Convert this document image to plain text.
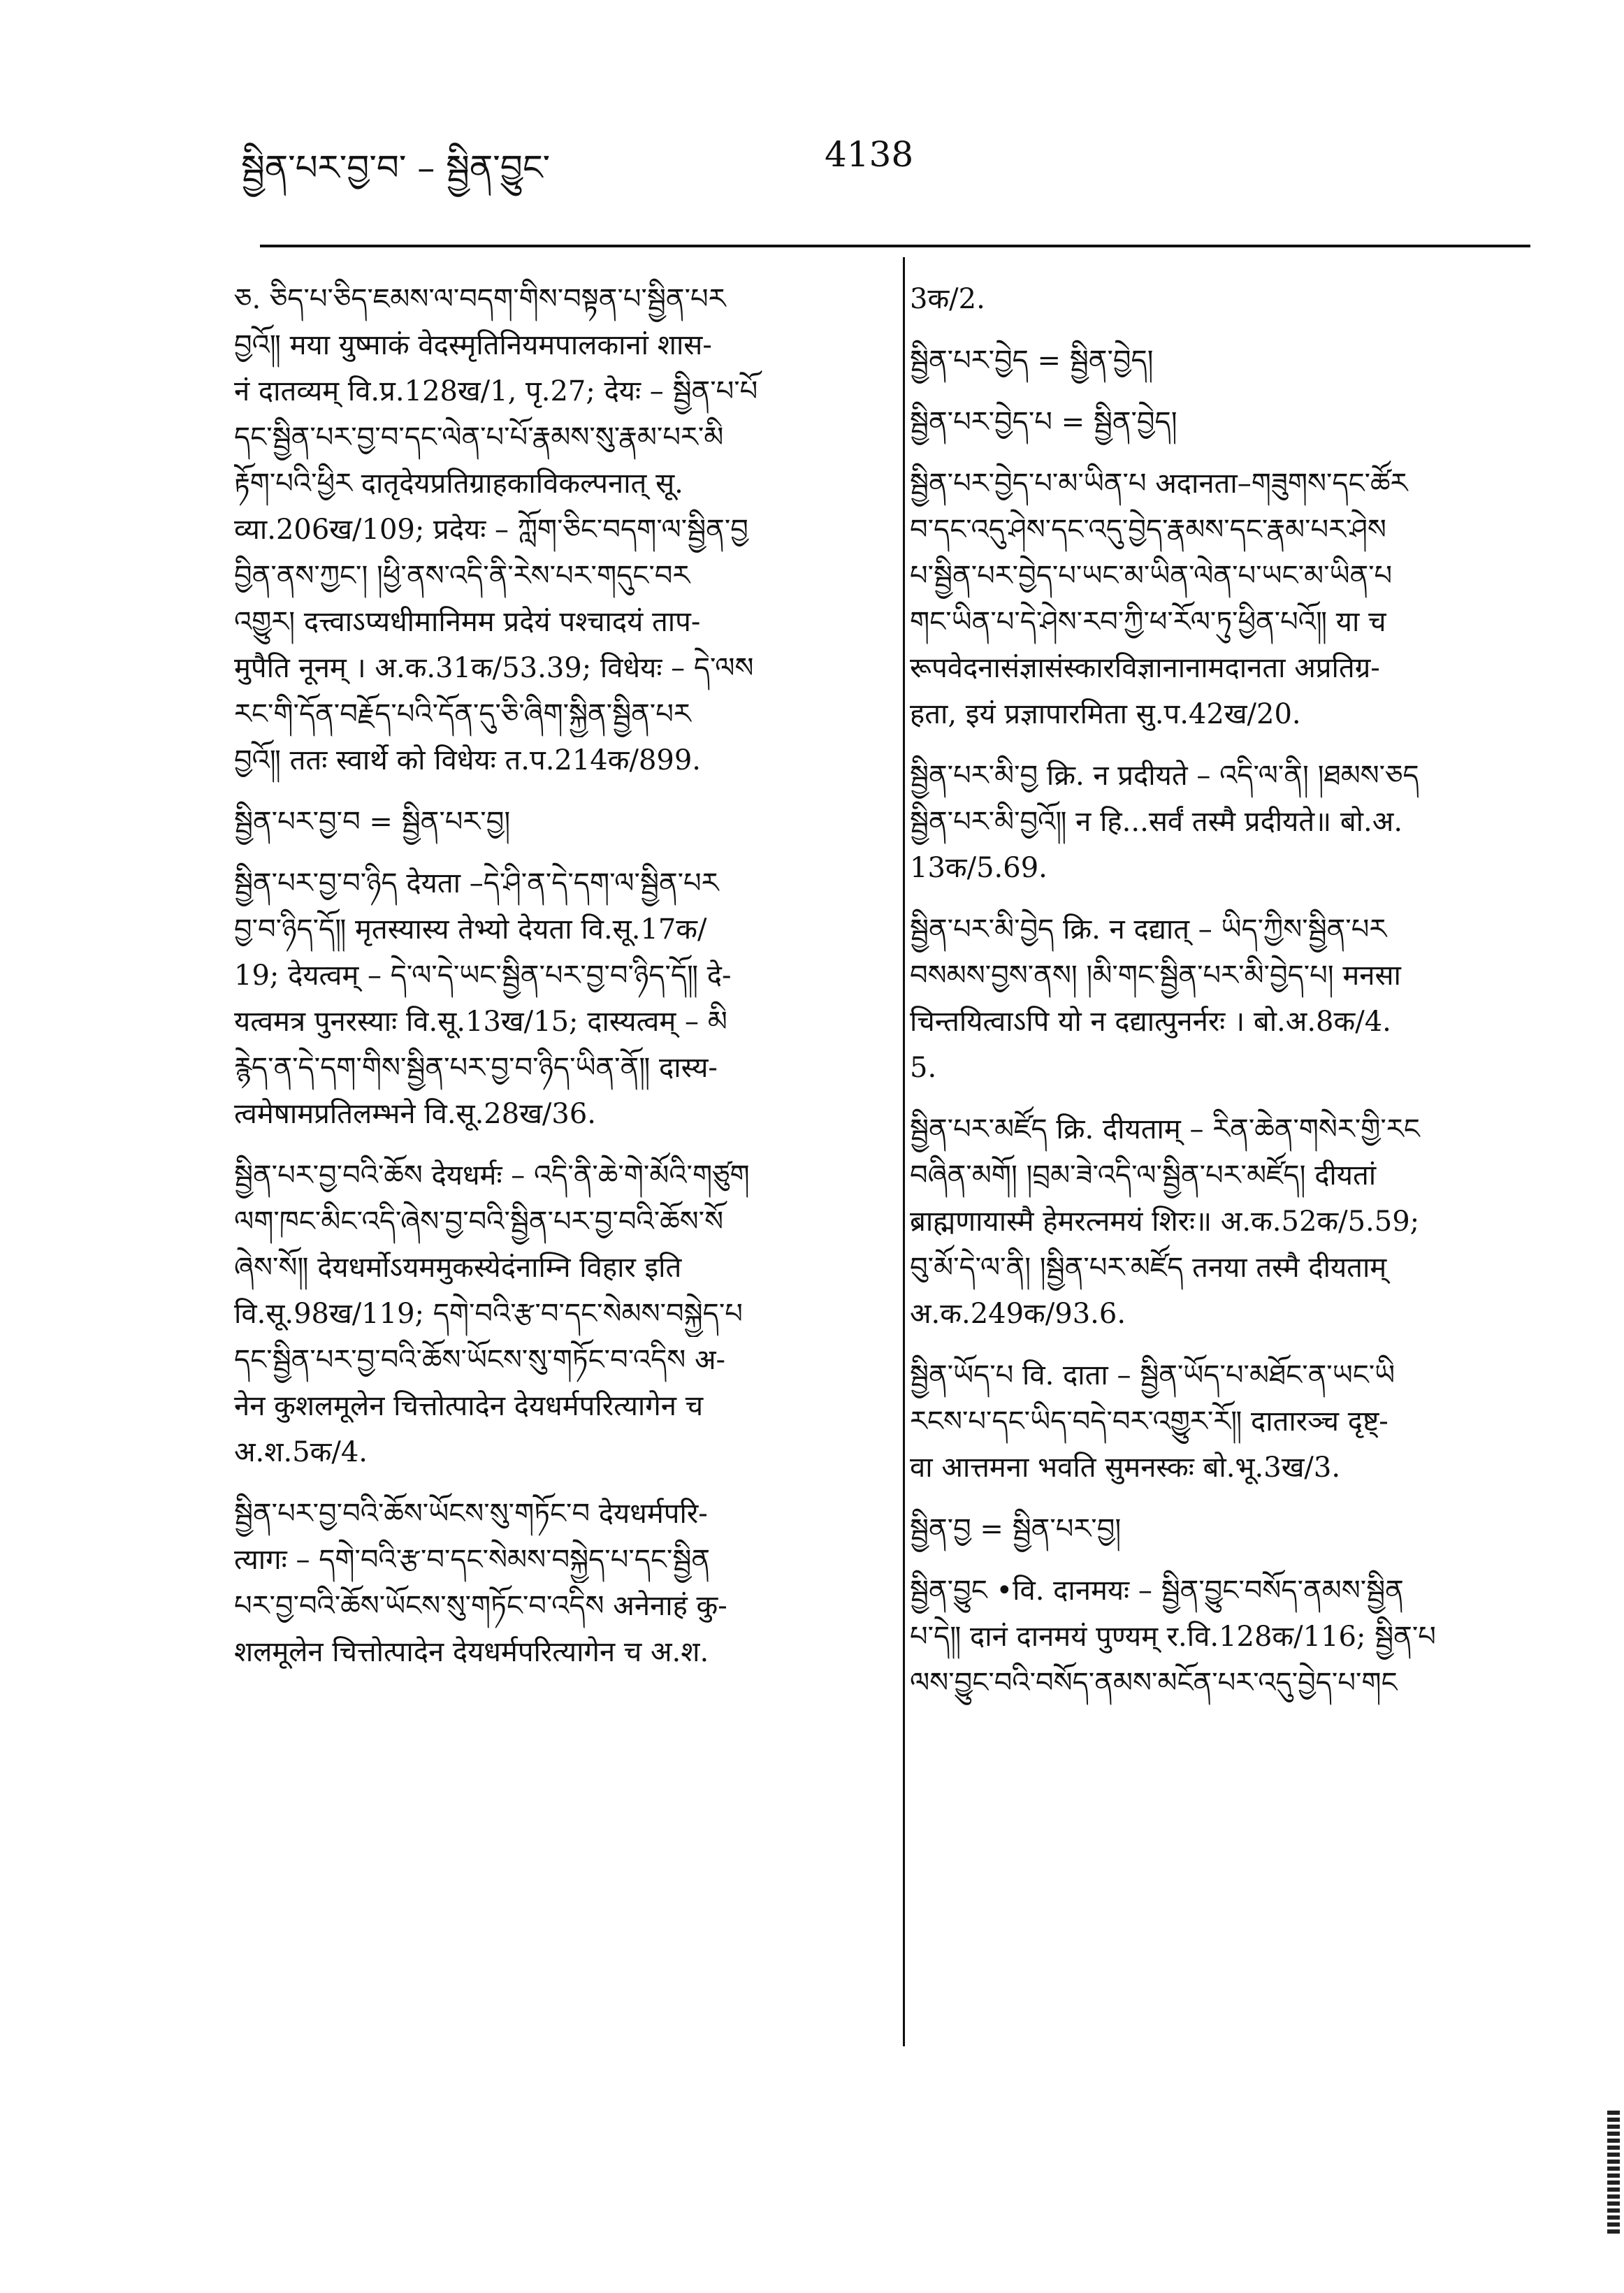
སྦྱིན་པར་བྱ་བ་ – སྦྱིན་བྱུང་	4138
ཅ. ཅིད་པ་ཅིད་ཇམས་ལ་བདག་གིས་བསྟན་པ་སྦྱིན་པར
བྱའོ༎ मया युष्माकं वेदस्मृतिनियमपालकानां शास-
नं दातव्यम् वि.प्र.128ख/1, पृ.27; देयः – སྦྱིན་པ་པོ
དང་སྦྱིན་པར་བྱ་བ་དང་ལེན་པ་པོ་རྣམས་སུ་རྣམ་པར་མི
རྟོག་པའི་ཕྱིར दातृदेयप्रतिग्राहकाविकल्पनात् सू.
व्या.206ख/109; प्रदेयः – ཀློག་ཅིང་བདག་ལ་སྦྱིན་བྱ
བྱིན་ནས་ཀྱང་། །ཕྱི་ནས་འདི་ནི་རེས་པར་གདུང་བར
འགྱུར། दत्त्वाऽप्यधीमानिमम प्रदेयं पश्चादयं ताप-
मुपैति नूनम् । अ.क.31क/53.39; विधेयः – དེ་ལས
རང་གི་དོན་བརྗོད་པའི་དོན་དུ་ཅི་ཞིག་སྐྱིན་སྦྱིན་པར
བྱའོ༎ ततः स्वार्थे को विधेयः त.प.214क/899.
སྦྱིན་པར་བྱ་བ = སྦྱིན་པར་བྱ།
སྦྱིན་པར་བྱ་བ་ཉིད देयता –དེ་ཤི་ན་དེ་དག་ལ་སྦྱིན་པར
བྱ་བ་ཉིད་དོ༎ मृतस्यास्य तेभ्यो देयता वि.सू.17क/
19; देयत्वम् – དེ་ལ་དེ་ཡང་སྦྱིན་པར་བྱ་བ་ཉིད་དོ༎ दे-
यत्वमत्र पुनरस्याः वि.सू.13ख/15; दास्यत्वम् – མི
རྙེད་ན་དེ་དག་གིས་སྦྱིན་པར་བྱ་བ་ཉིད་ཡིན་ནོ༎ दास्य-
त्वमेषामप्रतिलम्भने वि.सू.28ख/36.
སྦྱིན་པར་བྱ་བའི་ཆོས देयधर्मः – འདི་ནི་ཆེ་གེ་མོའི་གཙུག
ལག་ཁང་མིང་འདི་ཞེས་བྱ་བའི་སྦྱིན་པར་བྱ་བའི་ཆོས་སོ
ཞེས་སོ༎ देयधर्मोऽयममुकस्येदंनाम्नि विहार इति
वि.सू.98ख/119; དགེ་བའི་རྩ་བ་དང་སེམས་བསྐྱེད་པ
དང་སྦྱིན་པར་བྱ་བའི་ཆོས་ཡོངས་སུ་གཏོང་བ་འདིས अ-
नेन कुशलमूलेन चित्तोत्पादेन देयधर्मपरित्यागेन च
अ.श.5क/4.
སྦྱིན་པར་བྱ་བའི་ཆོས་ཡོངས་སུ་གཏོང་བ देयधर्मपरि-
त्यागः – དགེ་བའི་རྩ་བ་དང་སེམས་བསྐྱེད་པ་དང་སྦྱིན
པར་བྱ་བའི་ཆོས་ཡོངས་སུ་གཏོང་བ་འདིས अनेनाहं कु-
शलमूलेन चित्तोत्पादेन देयधर्मपरित्यागेन च अ.श.
3क/2.
སྦྱིན་པར་བྱེད = སྦྱིན་བྱེད།
སྦྱིན་པར་བྱེད་པ = སྦྱིན་བྱེད།
སྦྱིན་པར་བྱེད་པ་མ་ཡིན་པ अदानता–གཟུགས་དང་ཚོར
བ་དང་འདུ་ཤེས་དང་འདུ་བྱེད་རྣམས་དང་རྣམ་པར་ཤེས
པ་སྦྱིན་པར་བྱེད་པ་ཡང་མ་ཡིན་ལེན་པ་ཡང་མ་ཡིན་པ
གང་ཡིན་པ་དེ་ཤེས་རབ་ཀྱི་ཕ་རོལ་ཏུ་ཕྱིན་པའོ༎ या च
रूपवेदनासंज्ञासंस्कारविज्ञानानामदानता अप्रतिग्र-
हता, इयं प्रज्ञापारमिता सु.प.42ख/20.
སྦྱིན་པར་མི་བྱ क्रि. न प्रदीयते – འདི་ལ་ནི། །ཐམས་ཅད
སྦྱིན་པར་མི་བྱའོ༎ न हि...सर्वं तस्मै प्रदीयते॥ बो.अ.
13क/5.69.
སྦྱིན་པར་མི་བྱེད क्रि. न दद्यात् – ཡིད་ཀྱིས་སྦྱིན་པར
བསམས་བྱས་ནས། །མི་གང་སྦྱིན་པར་མི་བྱེད་པ། मनसा
चिन्तयित्वाऽपि यो न दद्यात्पुनर्नरः । बो.अ.8क/4.
5.
སྦྱིན་པར་མཛོད क्रि. दीयताम् – རིན་ཆེན་གསེར་གྱི་རང
བཞིན་མགོ། །བྲམ་ཟེ་འདི་ལ་སྦྱིན་པར་མཛོད། दीयतां
ब्राह्मणायास्मै हेमरत्नमयं शिरः॥ अ.क.52क/5.59;
བུ་མོ་དེ་ལ་ནི། །སྦྱིན་པར་མཛོད तनया तस्मै दीयताम्
अ.क.249क/93.6.
སྦྱིན་ཡོད་པ वि. दाता – སྦྱིན་ཡོད་པ་མཐོང་ན་ཡང་ཡི
རངས་པ་དང་ཡིད་བདེ་བར་འགྱུར་རོ༎ दातारञ्च दृष्ट्-
वा आत्तमना भवति सुमनस्कः बो.भू.3ख/3.
སྦྱིན་བྱ = སྦྱིན་པར་བྱ།
སྦྱིན་བྱུང •वि. दानमयः – སྦྱིན་བྱུང་བསོད་ནམས་སྦྱིན
པ་དེ༎ दानं दानमयं पुण्यम् र.वि.128क/116; སྦྱིན་པ
ལས་བྱུང་བའི་བསོད་ནམས་མངོན་པར་འདུ་བྱེད་པ་གང
